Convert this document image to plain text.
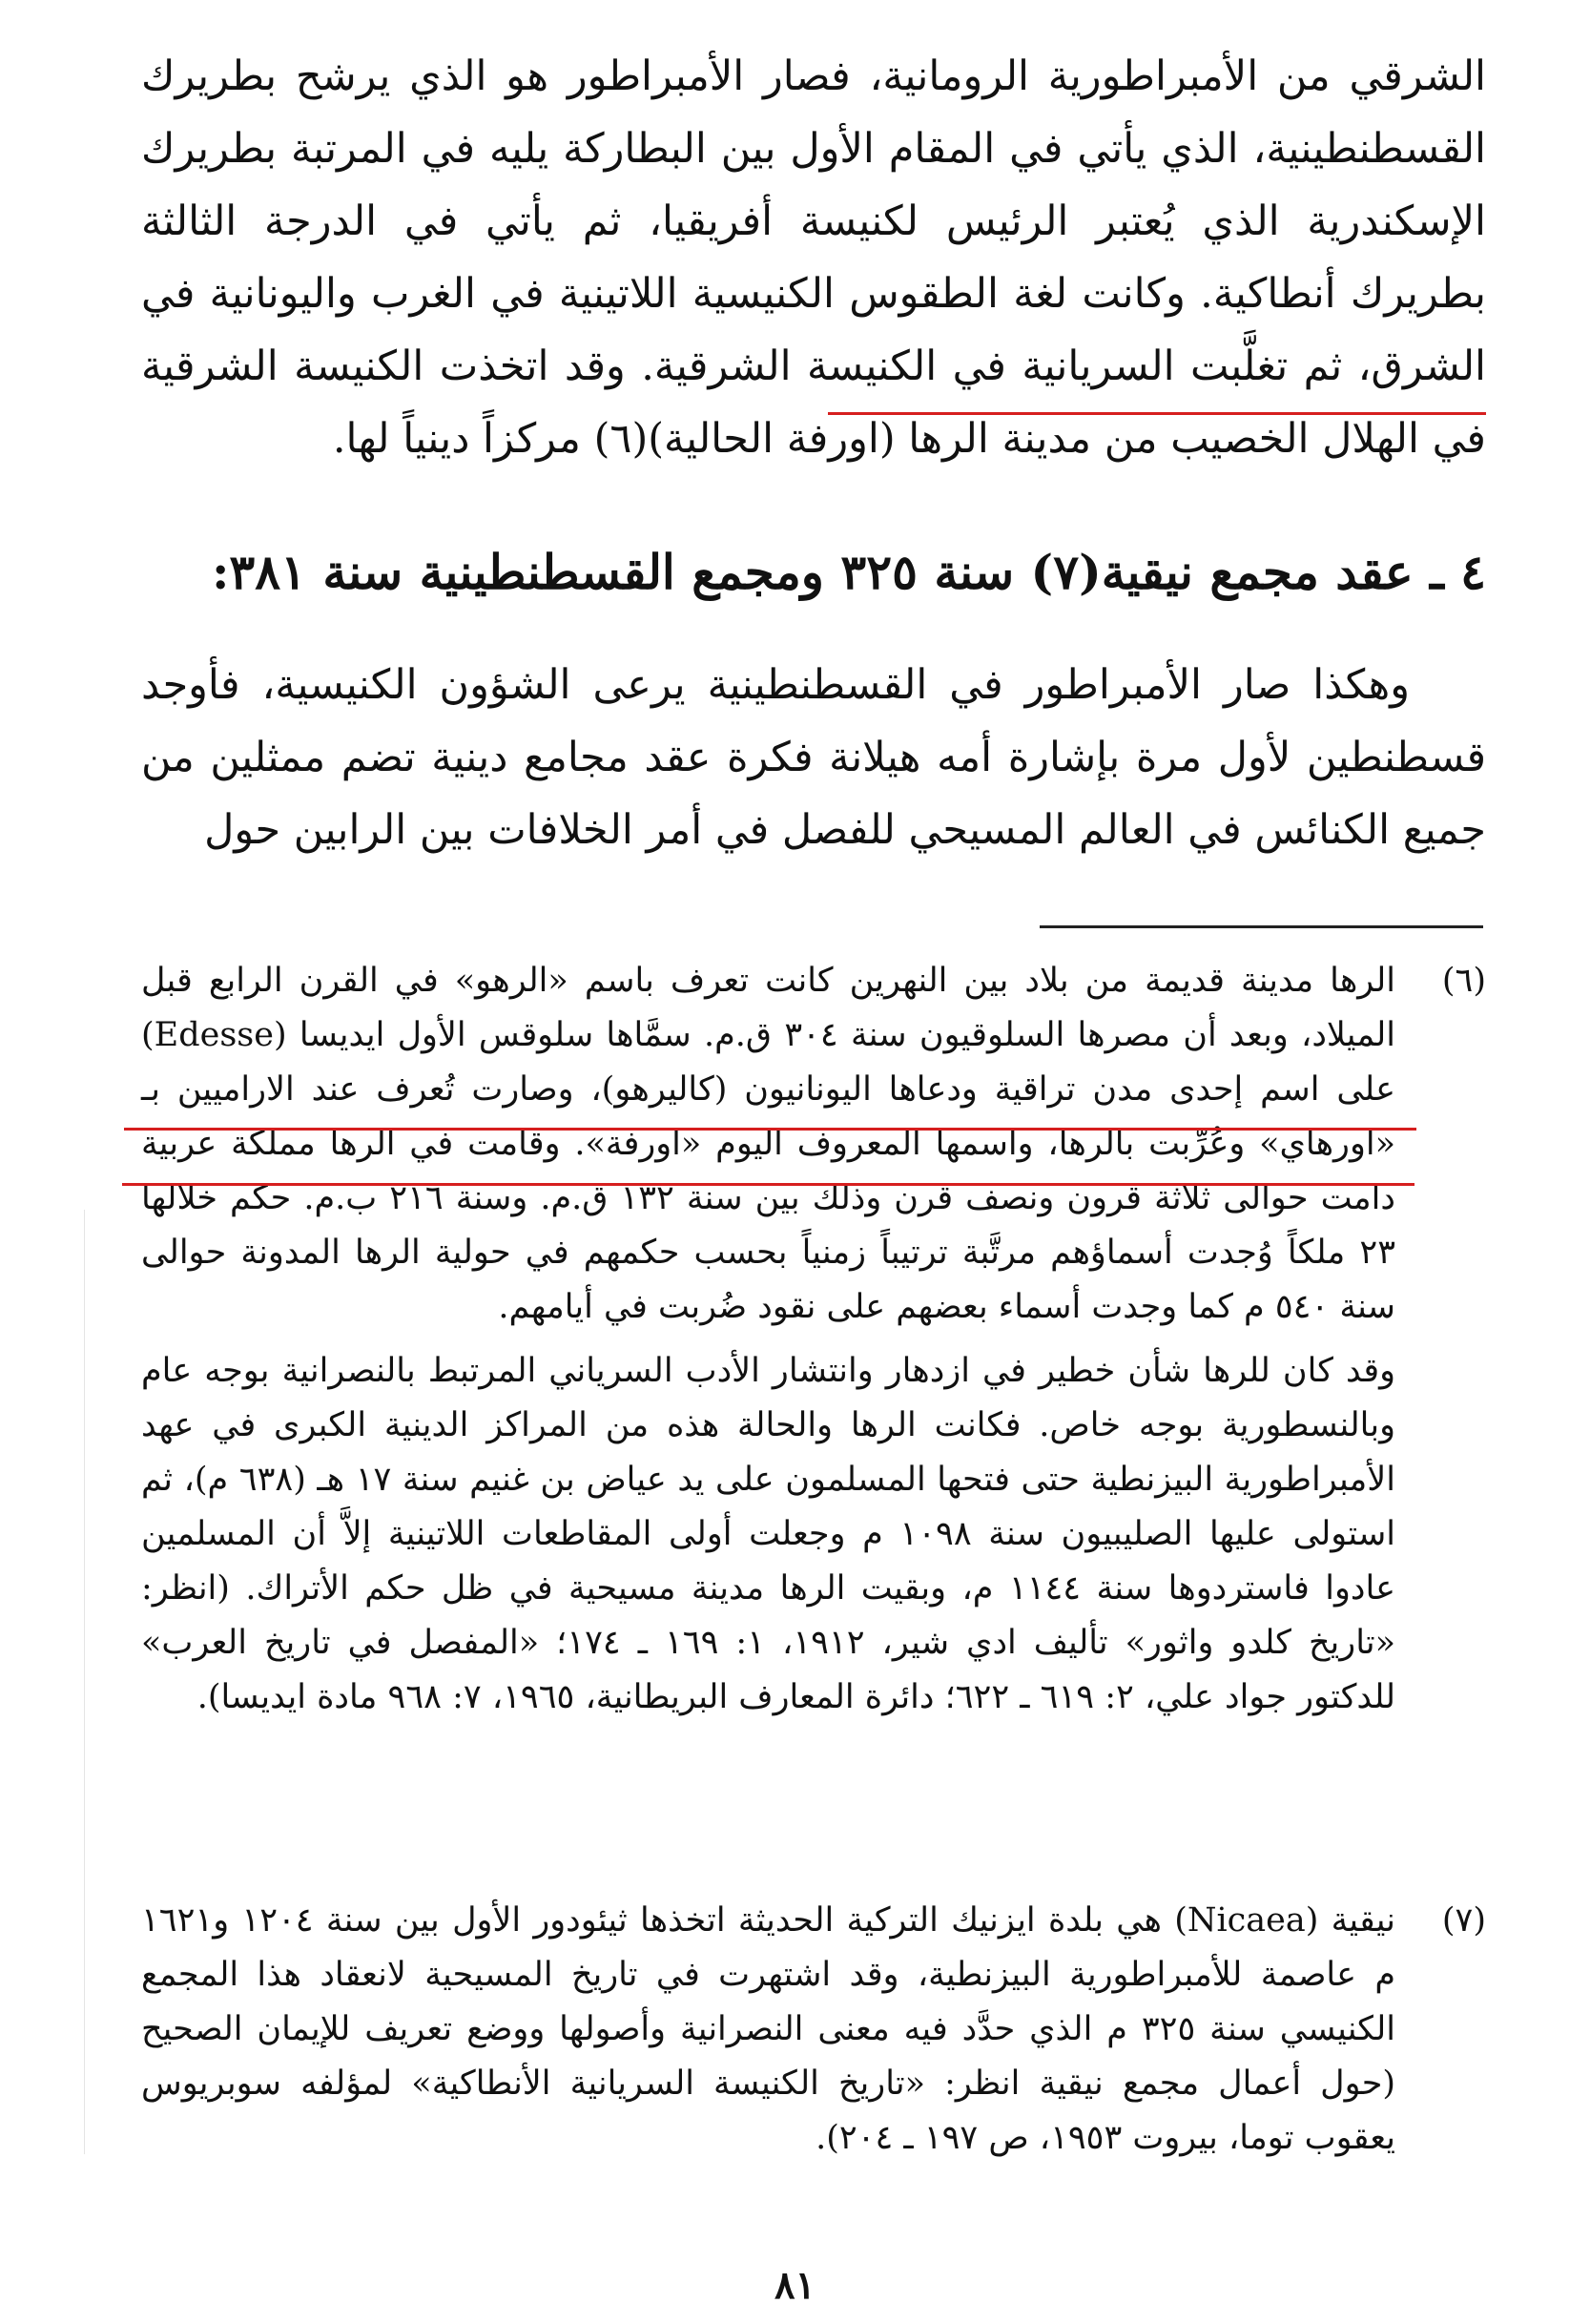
الشرقي من الأمبراطورية الرومانية، فصار الأمبراطور هو الذي يرشح بطريرك القسطنطينية، الذي يأتي في المقام الأول بين البطاركة يليه في المرتبة بطريرك الإسكندرية الذي يُعتبر الرئيس لكنيسة أفريقيا، ثم يأتي في الدرجة الثالثة بطريرك أنطاكية. وكانت لغة الطقوس الكنيسية اللاتينية في الغرب واليونانية في الشرق، ثم تغلَّبت السريانية في الكنيسة الشرقية. وقد اتخذت الكنيسة الشرقية في الهلال الخصيب من مدينة الرها (اورفة الحالية)(٦) مركزاً دينياً لها.

٤ ـ عقد مجمع نيقية(٧) سنة ٣٢٥ ومجمع القسطنطينية سنة ٣٨١:

وهكذا صار الأمبراطور في القسطنطينية يرعى الشؤون الكنيسية، فأوجد قسطنطين لأول مرة بإشارة أمه هيلانة فكرة عقد مجامع دينية تضم ممثلين من جميع الكنائس في العالم المسيحي للفصل في أمر الخلافات بين الرابين حول

(٦)

الرها مدينة قديمة من بلاد بين النهرين كانت تعرف باسم «الرهو» في القرن الرابع قبل الميلاد، وبعد أن مصرها السلوقيون سنة ٣٠٤ ق.م. سمَّاها سلوقس الأول ايديسا (Edesse) على اسم إحدى مدن تراقية ودعاها اليونانيون (كاليرهو)، وصارت تُعرف عند الاراميين بـ «اورهاي» وعُرِّبت بالرها، واسمها المعروف اليوم «اورفة». وقامت في الرها مملكة عربية دامت حوالى ثلاثة قرون ونصف قرن وذلك بين سنة ١٣٢ ق.م. وسنة ٢١٦ ب.م. حكم خلالها ٢٣ ملكاً وُجدت أسماؤهم مرتَّبة ترتيباً زمنياً بحسب حكمهم في حولية الرها المدونة حوالى سنة ٥٤٠ م كما وجدت أسماء بعضهم على نقود ضُربت في أيامهم.

وقد كان للرها شأن خطير في ازدهار وانتشار الأدب السرياني المرتبط بالنصرانية بوجه عام وبالنسطورية بوجه خاص. فكانت الرها والحالة هذه من المراكز الدينية الكبرى في عهد الأمبراطورية البيزنطية حتى فتحها المسلمون على يد عياض بن غنيم سنة ١٧ هـ (٦٣٨ م)، ثم استولى عليها الصليبيون سنة ١٠٩٨ م وجعلت أولى المقاطعات اللاتينية إلاَّ أن المسلمين عادوا فاستردوها سنة ١١٤٤ م، وبقيت الرها مدينة مسيحية في ظل حكم الأتراك. (انظر: «تاريخ كلدو واثور» تأليف ادي شير، ١٩١٢، ١: ١٦٩ ـ ١٧٤؛ «المفصل في تاريخ العرب» للدكتور جواد علي، ٢: ٦١٩ ـ ٦٢٢؛ دائرة المعارف البريطانية، ١٩٦٥، ٧: ٩٦٨ مادة ايديسا).

(٧)

نيقية (Nicaea) هي بلدة ايزنيك التركية الحديثة اتخذها ثيئودور الأول بين سنة ١٢٠٤ و١٦٢١ م عاصمة للأمبراطورية البيزنطية، وقد اشتهرت في تاريخ المسيحية لانعقاد هذا المجمع الكنيسي سنة ٣٢٥ م الذي حدَّد فيه معنى النصرانية وأصولها ووضع تعريف للإيمان الصحيح (حول أعمال مجمع نيقية انظر: «تاريخ الكنيسة السريانية الأنطاكية» لمؤلفه سوبريوس يعقوب توما، بيروت ١٩٥٣، ص ١٩٧ ـ ٢٠٤).

٨١
